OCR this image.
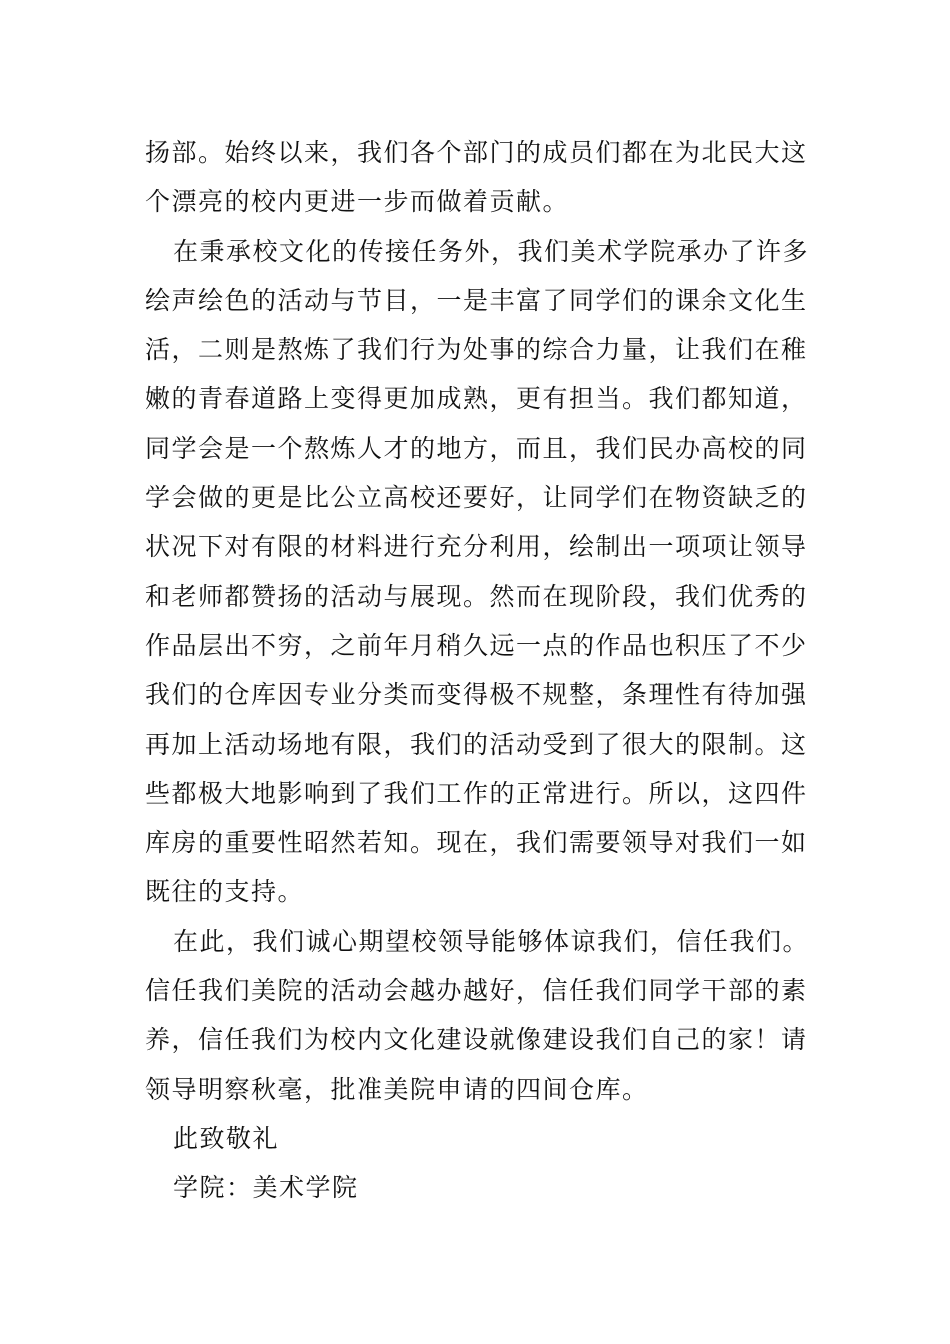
扬部。始终以来，我们各个部门的成员们都在为北民大这
个漂亮的校内更进一步而做着贡献。
在秉承校文化的传接任务外，我们美术学院承办了许多
绘声绘色的活动与节目，一是丰富了同学们的课余文化生
活，二则是熬炼了我们行为处事的综合力量，让我们在稚
嫩的青春道路上变得更加成熟，更有担当。我们都知道，
同学会是一个熬炼人才的地方，而且，我们民办高校的同
学会做的更是比公立高校还要好，让同学们在物资缺乏的
状况下对有限的材料进行充分利用，绘制出一项项让领导
和老师都赞扬的活动与展现。然而在现阶段，我们优秀的
作品层出不穷，之前年月稍久远一点的作品也积压了不少
我们的仓库因专业分类而变得极不规整，条理性有待加强
再加上活动场地有限，我们的活动受到了很大的限制。这
些都极大地影响到了我们工作的正常进行。所以，这四件
库房的重要性昭然若知。现在，我们需要领导对我们一如
既往的支持。
在此，我们诚心期望校领导能够体谅我们，信任我们。
信任我们美院的活动会越办越好，信任我们同学干部的素
养，信任我们为校内文化建设就像建设我们自己的家！请
领导明察秋毫，批准美院申请的四间仓库。
此致敬礼
学院：美术学院
